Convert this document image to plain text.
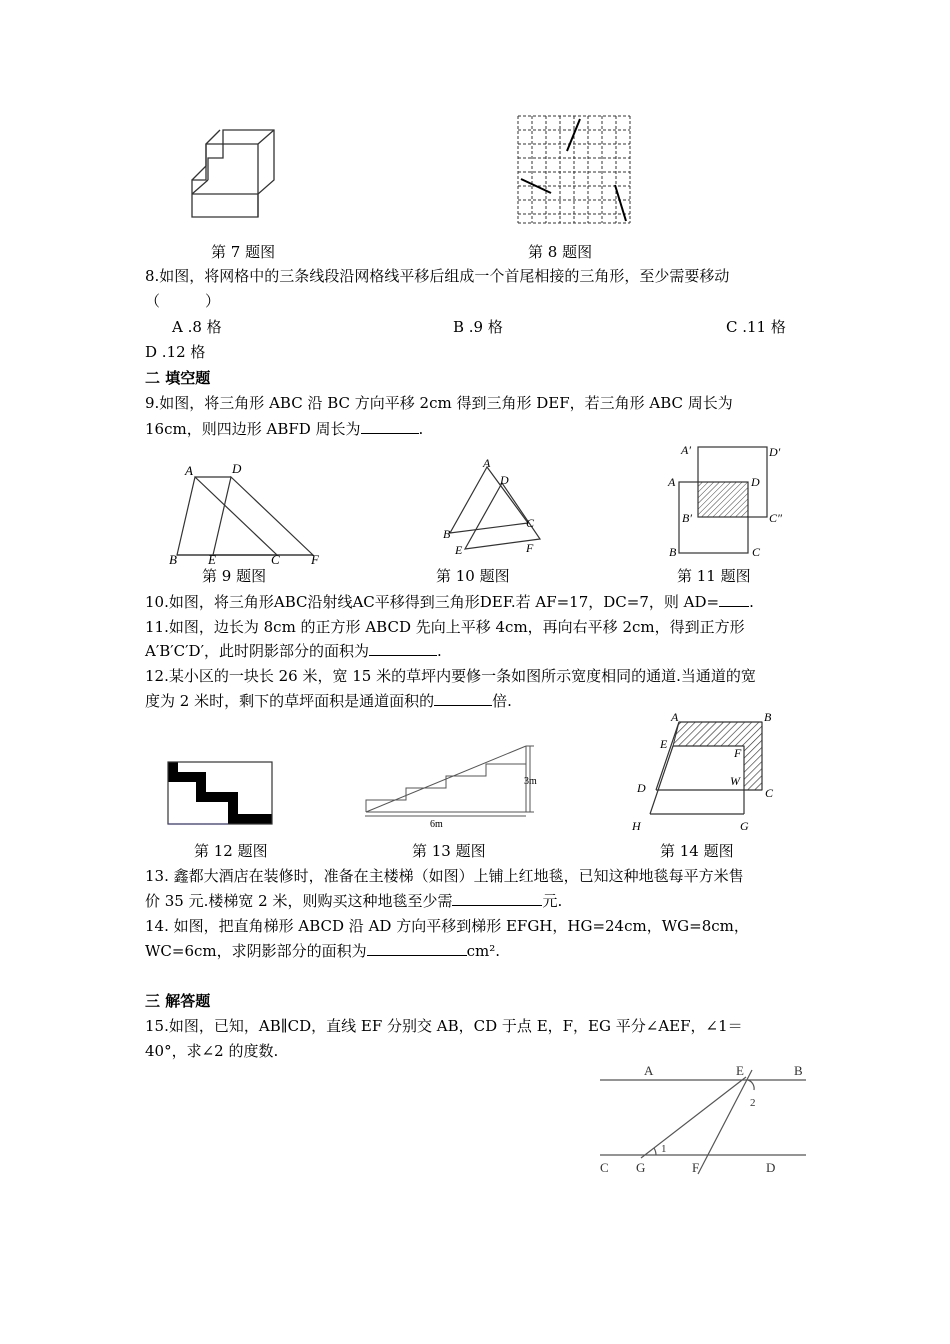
第 7 题图	第 8 题图
8.如图，将网格中的三条线段沿网格线平移后组成一个首尾相接的三角形，至少需要移动
（　　　）
A .8 格	B .9 格	C .11 格
D .12 格
二 填空题
9.如图，将三角形 ABC 沿 BC 方向平移 2cm 得到三角形 DEF，若三角形 ABC 周长为
16cm，则四边形 ABFD 周长为	.
A	D
B E	C F
A
D
B
C
E	F
A′	D′
A	D
B′	C″
B	C
第 9 题图	第 10 题图	第 11 题图
10.如图，将三角形ABC沿射线AC平移得到三角形DEF.若 AF=17，DC=7，则 AD= .
11.如图，边长为 8cm 的正方形 ABCD 先向上平移 4cm，再向右平移 2cm，得到正方形
A′B′C′D′，此时阴影部分的面积为	.
12.某小区的一块长 26 米，宽 15 米的草坪内要修一条如图所示宽度相同的通道.当通道的宽
度为 2 米时，剩下的草坪面积是通道面积的	倍.
3m
6m
A	B
E
F
W
D	C
H	G
第 12 题图	第 13 题图	第 14 题图
13. 鑫都大酒店在装修时，准备在主楼梯（如图）上铺上红地毯，已知这种地毯每平方米售
价 35 元.楼梯宽 2 米，则购买这种地毯至少需	元.
14. 如图，把直角梯形 ABCD 沿 AD 方向平移到梯形 EFGH，HG=24cm，WG=8cm，
WC=6cm，求阴影部分的面积为	cm².
三 解答题
15.如图，已知，AB∥CD，直线 EF 分别交 AB，CD 于点 E，F，EG 平分∠AEF，∠1＝
40°，求∠2 的度数.
A	E	B
2
1
C G	F	D
